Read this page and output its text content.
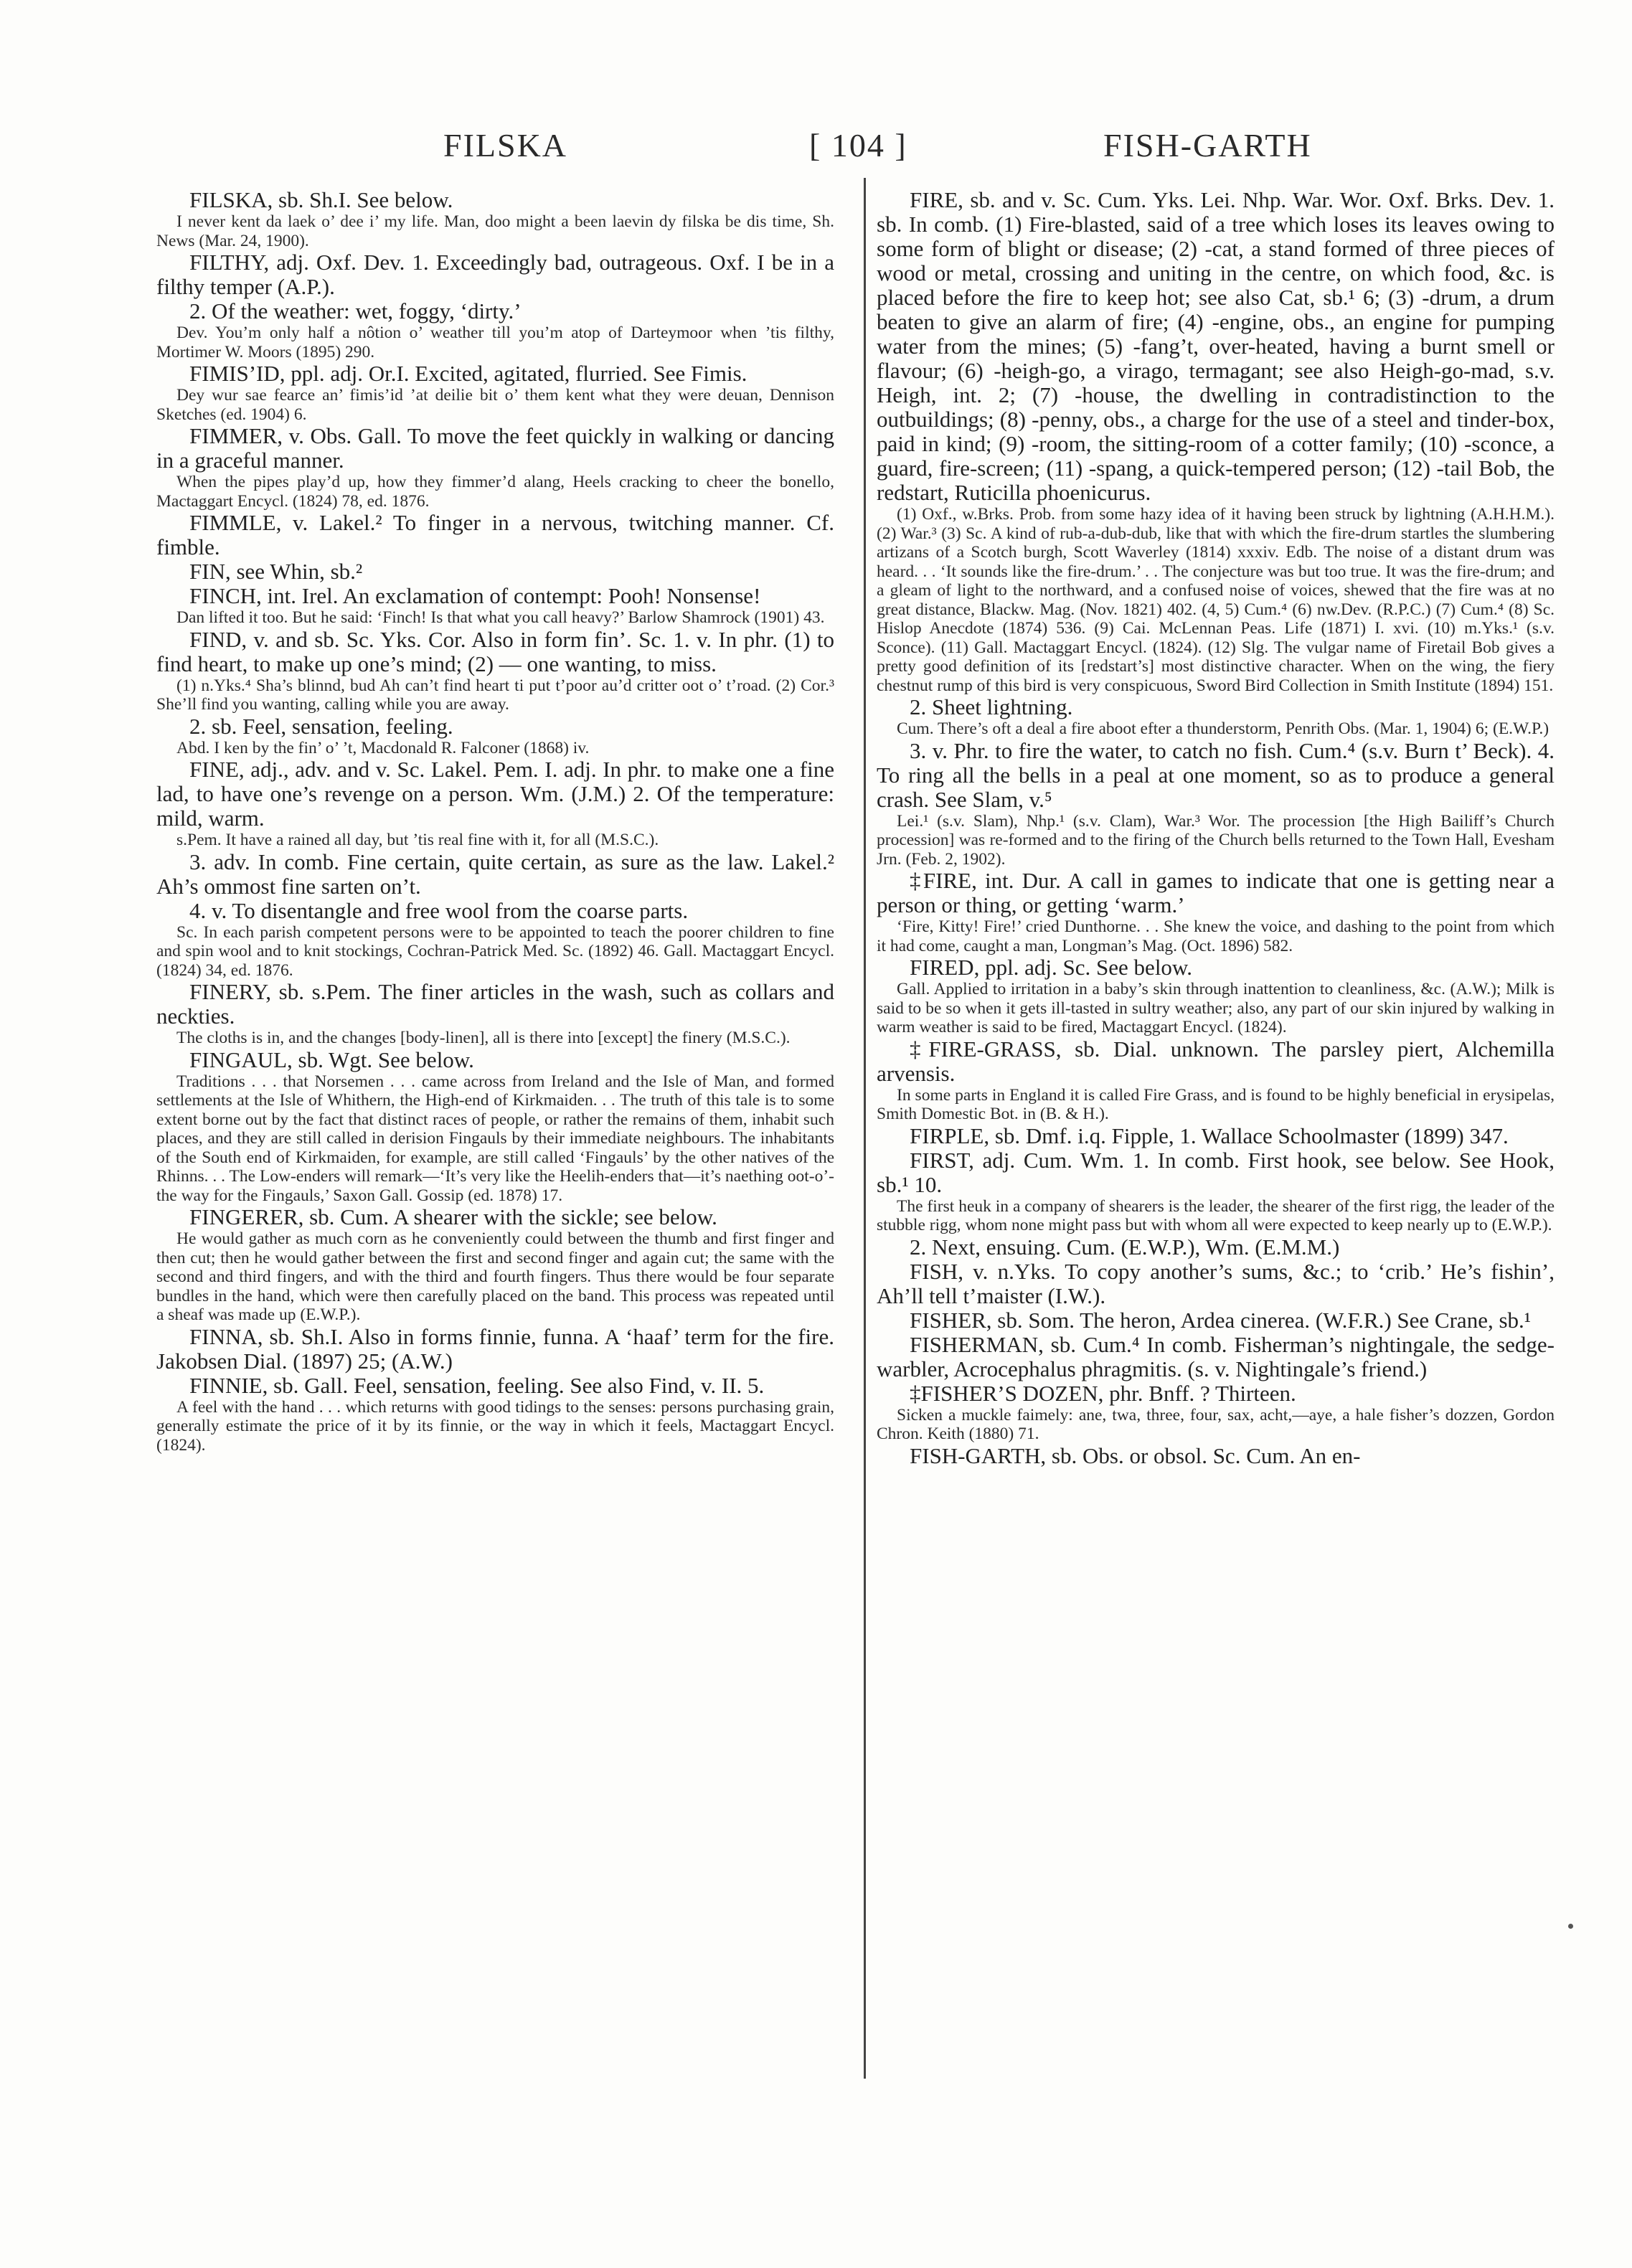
FILSKA	[ 104 ]	FISH-GARTH

FILSKA, sb. Sh.I. See below.

I never kent da laek o’ dee i’ my life. Man, doo might a been laevin dy filska be dis time, Sh. News (Mar. 24, 1900).

FILTHY, adj. Oxf. Dev. 1. Exceedingly bad, outrageous. Oxf. I be in a filthy temper (A.P.).

2. Of the weather: wet, foggy, ‘dirty.’

Dev. You’m only half a nôtion o’ weather till you’m atop of Darteymoor when ’tis filthy, Mortimer W. Moors (1895) 290.

FIMIS’ID, ppl. adj. Or.I. Excited, agitated, flurried. See Fimis.

Dey wur sae fearce an’ fimis’id ’at deilie bit o’ them kent what they were deuan, Dennison Sketches (ed. 1904) 6.

FIMMER, v. Obs. Gall. To move the feet quickly in walking or dancing in a graceful manner.

When the pipes play’d up, how they fimmer’d alang, Heels cracking to cheer the bonello, Mactaggart Encycl. (1824) 78, ed. 1876.

FIMMLE, v. Lakel.² To finger in a nervous, twitching manner. Cf. fimble.

FIN, see Whin, sb.²

FINCH, int. Irel. An exclamation of contempt: Pooh! Nonsense!

Dan lifted it too. But he said: ‘Finch! Is that what you call heavy?’ Barlow Shamrock (1901) 43.

FIND, v. and sb. Sc. Yks. Cor. Also in form fin’. Sc. 1. v. In phr. (1) to find heart, to make up one’s mind; (2) — one wanting, to miss.

(1) n.Yks.⁴ Sha’s blinnd, bud Ah can’t find heart ti put t’poor au’d critter oot o’ t’road. (2) Cor.³ She’ll find you wanting, calling while you are away.

2. sb. Feel, sensation, feeling.

Abd. I ken by the fin’ o’ ’t, Macdonald R. Falconer (1868) iv.

FINE, adj., adv. and v. Sc. Lakel. Pem. I. adj. In phr. to make one a fine lad, to have one’s revenge on a person. Wm. (J.M.) 2. Of the temperature: mild, warm.

s.Pem. It have a rained all day, but ’tis real fine with it, for all (M.S.C.).

3. adv. In comb. Fine certain, quite certain, as sure as the law. Lakel.² Ah’s ommost fine sarten on’t.

4. v. To disentangle and free wool from the coarse parts.

Sc. In each parish competent persons were to be appointed to teach the poorer children to fine and spin wool and to knit stockings, Cochran-Patrick Med. Sc. (1892) 46. Gall. Mactaggart Encycl. (1824) 34, ed. 1876.

FINERY, sb. s.Pem. The finer articles in the wash, such as collars and neckties.

The cloths is in, and the changes [body-linen], all is there into [except] the finery (M.S.C.).

FINGAUL, sb. Wgt. See below.

Traditions . . . that Norsemen . . . came across from Ireland and the Isle of Man, and formed settlements at the Isle of Whithern, the High-end of Kirkmaiden. . . The truth of this tale is to some extent borne out by the fact that distinct races of people, or rather the remains of them, inhabit such places, and they are still called in derision Fingauls by their immediate neighbours. The inhabitants of the South end of Kirkmaiden, for example, are still called ‘Fingauls’ by the other natives of the Rhinns. . . The Low-enders will remark—‘It’s very like the Heelih-enders that—it’s naething oot-o’-the way for the Fingauls,’ Saxon Gall. Gossip (ed. 1878) 17.

FINGERER, sb. Cum. A shearer with the sickle; see below.

He would gather as much corn as he conveniently could between the thumb and first finger and then cut; then he would gather between the first and second finger and again cut; the same with the second and third fingers, and with the third and fourth fingers. Thus there would be four separate bundles in the hand, which were then carefully placed on the band. This process was repeated until a sheaf was made up (E.W.P.).

FINNA, sb. Sh.I. Also in forms finnie, funna. A ‘haaf’ term for the fire. Jakobsen Dial. (1897) 25; (A.W.)

FINNIE, sb. Gall. Feel, sensation, feeling. See also Find, v. II. 5.

A feel with the hand . . . which returns with good tidings to the senses: persons purchasing grain, generally estimate the price of it by its finnie, or the way in which it feels, Mactaggart Encycl. (1824).

FIRE, sb. and v. Sc. Cum. Yks. Lei. Nhp. War. Wor. Oxf. Brks. Dev. 1. sb. In comb. (1) Fire-blasted, said of a tree which loses its leaves owing to some form of blight or disease; (2) -cat, a stand formed of three pieces of wood or metal, crossing and uniting in the centre, on which food, &c. is placed before the fire to keep hot; see also Cat, sb.¹ 6; (3) -drum, a drum beaten to give an alarm of fire; (4) -engine, obs., an engine for pumping water from the mines; (5) -fang’t, over-heated, having a burnt smell or flavour; (6) -heigh-go, a virago, termagant; see also Heigh-go-mad, s.v. Heigh, int. 2; (7) -house, the dwelling in contradistinction to the outbuildings; (8) -penny, obs., a charge for the use of a steel and tinder-box, paid in kind; (9) -room, the sitting-room of a cotter family; (10) -sconce, a guard, fire-screen; (11) -spang, a quick-tempered person; (12) -tail Bob, the redstart, Ruticilla phoenicurus.

(1) Oxf., w.Brks. Prob. from some hazy idea of it having been struck by lightning (A.H.H.M.). (2) War.³ (3) Sc. A kind of rub-a-dub-dub, like that with which the fire-drum startles the slumbering artizans of a Scotch burgh, Scott Waverley (1814) xxxiv. Edb. The noise of a distant drum was heard. . . ‘It sounds like the fire-drum.’ . . The conjecture was but too true. It was the fire-drum; and a gleam of light to the northward, and a confused noise of voices, shewed that the fire was at no great distance, Blackw. Mag. (Nov. 1821) 402. (4, 5) Cum.⁴ (6) nw.Dev. (R.P.C.) (7) Cum.⁴ (8) Sc. Hislop Anecdote (1874) 536. (9) Cai. McLennan Peas. Life (1871) I. xvi. (10) m.Yks.¹ (s.v. Sconce). (11) Gall. Mactaggart Encycl. (1824). (12) Slg. The vulgar name of Firetail Bob gives a pretty good definition of its [redstart’s] most distinctive character. When on the wing, the fiery chestnut rump of this bird is very conspicuous, Sword Bird Collection in Smith Institute (1894) 151.

2. Sheet lightning.

Cum. There’s oft a deal a fire aboot efter a thunderstorm, Penrith Obs. (Mar. 1, 1904) 6; (E.W.P.)

3. v. Phr. to fire the water, to catch no fish. Cum.⁴ (s.v. Burn t’ Beck). 4. To ring all the bells in a peal at one moment, so as to produce a general crash. See Slam, v.⁵

Lei.¹ (s.v. Slam), Nhp.¹ (s.v. Clam), War.³ Wor. The procession [the High Bailiff’s Church procession] was re-formed and to the firing of the Church bells returned to the Town Hall, Evesham Jrn. (Feb. 2, 1902).

‡FIRE, int. Dur. A call in games to indicate that one is getting near a person or thing, or getting ‘warm.’

‘Fire, Kitty! Fire!’ cried Dunthorne. . . She knew the voice, and dashing to the point from which it had come, caught a man, Longman’s Mag. (Oct. 1896) 582.

FIRED, ppl. adj. Sc. See below.

Gall. Applied to irritation in a baby’s skin through inattention to cleanliness, &c. (A.W.); Milk is said to be so when it gets ill-tasted in sultry weather; also, any part of our skin injured by walking in warm weather is said to be fired, Mactaggart Encycl. (1824).

‡FIRE-GRASS, sb. Dial. unknown. The parsley piert, Alchemilla arvensis.

In some parts in England it is called Fire Grass, and is found to be highly beneficial in erysipelas, Smith Domestic Bot. in (B. & H.).

FIRPLE, sb. Dmf. i.q. Fipple, 1. Wallace Schoolmaster (1899) 347.

FIRST, adj. Cum. Wm. 1. In comb. First hook, see below. See Hook, sb.¹ 10.

The first heuk in a company of shearers is the leader, the shearer of the first rigg, the leader of the stubble rigg, whom none might pass but with whom all were expected to keep nearly up to (E.W.P.).

2. Next, ensuing. Cum. (E.W.P.), Wm. (E.M.M.)

FISH, v. n.Yks. To copy another’s sums, &c.; to ‘crib.’ He’s fishin’, Ah’ll tell t’maister (I.W.).

FISHER, sb. Som. The heron, Ardea cinerea. (W.F.R.) See Crane, sb.¹

FISHERMAN, sb. Cum.⁴ In comb. Fisherman’s nightingale, the sedge-warbler, Acrocephalus phragmitis. (s. v. Nightingale’s friend.)

‡FISHER’S DOZEN, phr. Bnff. ? Thirteen.

Sicken a muckle faimely: ane, twa, three, four, sax, acht,—aye, a hale fisher’s dozzen, Gordon Chron. Keith (1880) 71.

FISH-GARTH, sb. Obs. or obsol. Sc. Cum. An en-
